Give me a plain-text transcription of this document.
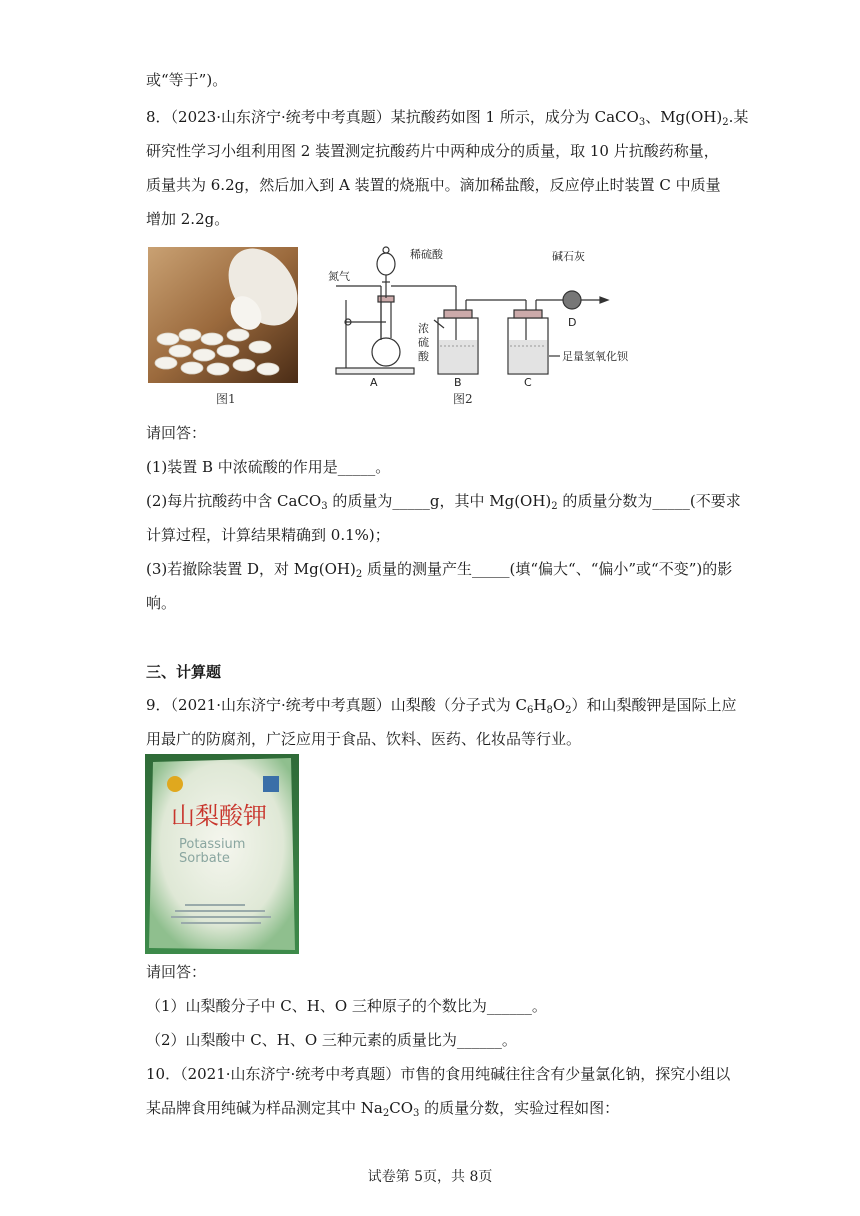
或“等于”)。
8．（2023·山东济宁·统考中考真题）某抗酸药如图 1 所示，成分为 CaCO$_3$、$Mg(OH)_2$.某
研究性学习小组利用图 2 装置测定抗酸药片中两种成分的质量，取 10 片抗酸药称量，
质量共为 6.2g，然后加入到 A 装置的烧瓶中。滴加稀盐酸，反应停止时装置 C 中质量
增加 2.2g。
图1
氮气
稀硫酸	碱石灰
浓
硫
酸	足量氢氧化钡
A	B	C
D
图2
请回答：
(1)装置 B 中浓硫酸的作用是_____。
(2)每片抗酸药中含 CaCO$_3$ 的质量为_____g，其中 $Mg(OH)_2$ 的质量分数为_____(不要求
计算过程，计算结果精确到 0.1%)；
(3)若撤除装置 D，对 $Mg(OH)_2$ 质量的测量产生_____(填“偏大“、“偏小”或“不变”)的影
响。
三、计算题
9．（2021·山东济宁·统考中考真题）山梨酸（分子式为 $C_6H_8O_2$）和山梨酸钾是国际上应
用最广的防腐剂，广泛应用于食品、饮料、医药、化妆品等行业。
山梨酸钾
Potassium
Sorbate
请回答：
（1）山梨酸分子中 C、H、O 三种原子的个数比为______。
（2）山梨酸中 C、H、O 三种元素的质量比为______。
10．（2021·山东济宁·统考中考真题）市售的食用纯碱往往含有少量氯化钠，探究小组以
某品牌食用纯碱为样品测定其中 $Na_2CO_3$ 的质量分数，实验过程如图：
试卷第 5页，共 8页
